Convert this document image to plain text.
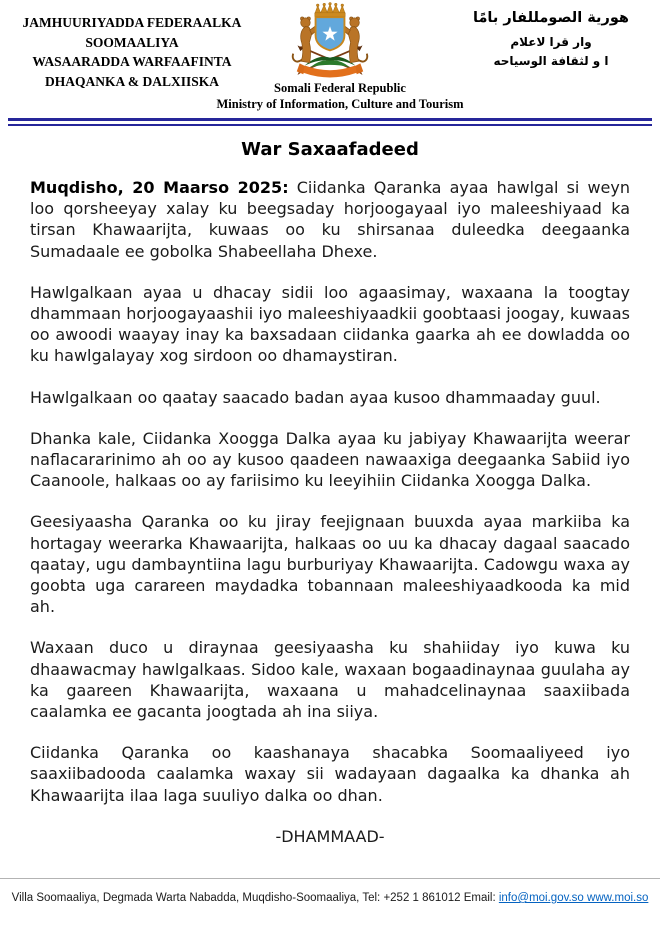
JAMHUURIYADDA FEDERAALKA
SOOMAALIYA
WASAARADDA WARFAAFINTA
DHAQANKA & DALXIISKA
هورية الصومللفار بامًا
وار قرا لاعلام
ا و لثقافة الوسياحه
Somali Federal Republic
Ministry of Information, Culture and Tourism
War Saxaafadeed

Muqdisho, 20 Maarso 2025: Ciidanka Qaranka ayaa hawlgal si weyn loo qorsheeyay xalay ku beegsaday horjoogayaal iyo maleeshiyaad ka tirsan Khawaarijta, kuwaas oo ku shirsanaa duleedka deegaanka Sumadaale ee gobolka Shabeellaha Dhexe.

Hawlgalkaan ayaa u dhacay sidii loo agaasimay, waxaana la toogtay dhammaan horjoogayaashii iyo maleeshiyaadkii goobtaasi joogay, kuwaas oo awoodi waayay inay ka baxsadaan ciidanka gaarka ah ee dowladda oo ku hawlgalayay xog sirdoon oo dhamaystiran.

Hawlgalkaan oo qaatay saacado badan ayaa kusoo dhammaaday guul.

Dhanka kale, Ciidanka Xoogga Dalka ayaa ku jabiyay Khawaarijta weerar naflacararinimo ah oo ay kusoo qaadeen nawaaxiga deegaanka Sabiid iyo Caanoole, halkaas oo ay fariisimo ku leeyihiin Ciidanka Xoogga Dalka.

Geesiyaasha Qaranka oo ku jiray feejignaan buuxda ayaa markiiba ka hortagay weerarka Khawaarijta, halkaas oo uu ka dhacay dagaal saacado qaatay, ugu dambayntiina lagu burburiyay Khawaarijta. Cadowgu waxa ay goobta uga carareen maydadka tobannaan maleeshiyaadkooda ka mid ah.

Waxaan duco u diraynaa geesiyaasha ku shahiiday iyo kuwa ku dhaawacmay hawlgalkaas. Sidoo kale, waxaan bogaadinaynaa guulaha ay ka gaareen Khawaarijta, waxaana u mahadcelinaynaa saaxiibada caalamka ee gacanta joogtada ah ina siiya.

Ciidanka Qaranka oo kaashanaya shacabka Soomaaliyeed iyo saaxiibadooda caalamka waxay sii wadayaan dagaalka ka dhanka ah Khawaarijta ilaa laga suuliyo dalka oo dhan.

-DHAMMAAD-
Villa Soomaaliya, Degmada Warta Nabadda, Muqdisho-Soomaaliya, Tel: +252 1 861012 Email: info@moi.gov.so www.moi.so
